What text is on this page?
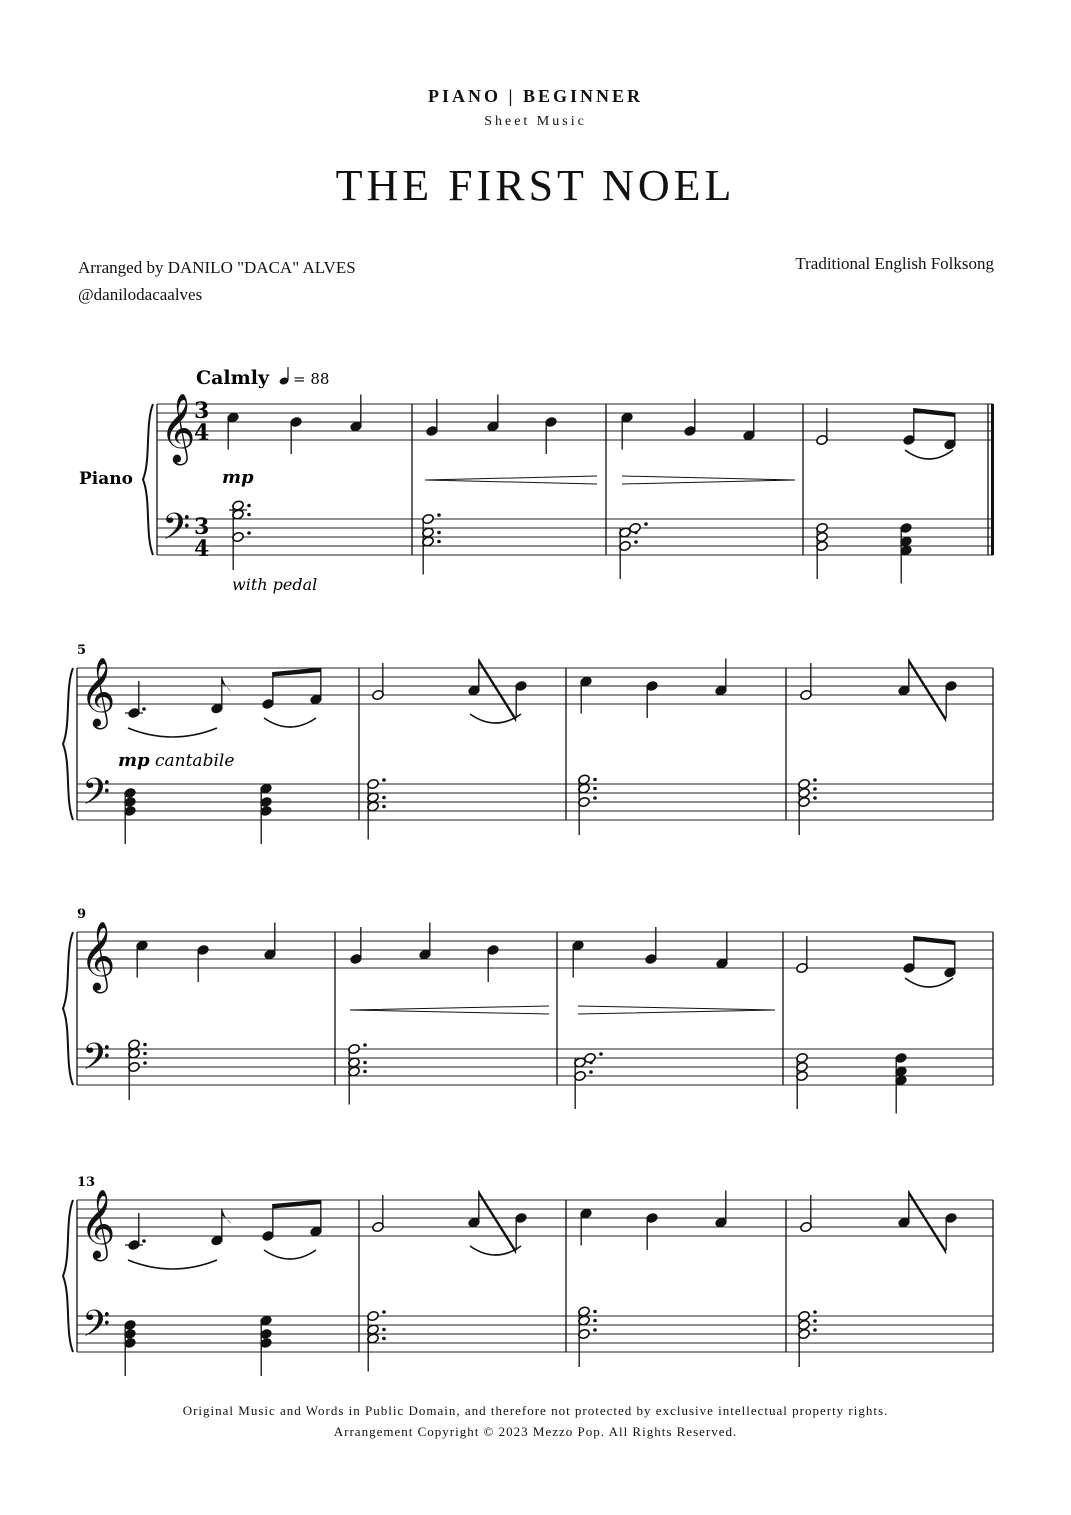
PIANO | BEGINNER
Sheet Music
THE FIRST NOEL
Arranged by DANILO "DACA" ALVES
@danilodacaalves
Traditional English Folksong
Calmly = 88
Piano	mp
with pedal
mp cantabile
5
9
13
3
4
3
4
𝄞
𝄢
𝄞
𝄢
𝄞
𝄢
𝄞
𝄢
Original Music and Words in Public Domain, and therefore not protected by exclusive intellectual property rights.
Arrangement Copyright © 2023 Mezzo Pop. All Rights Reserved.
